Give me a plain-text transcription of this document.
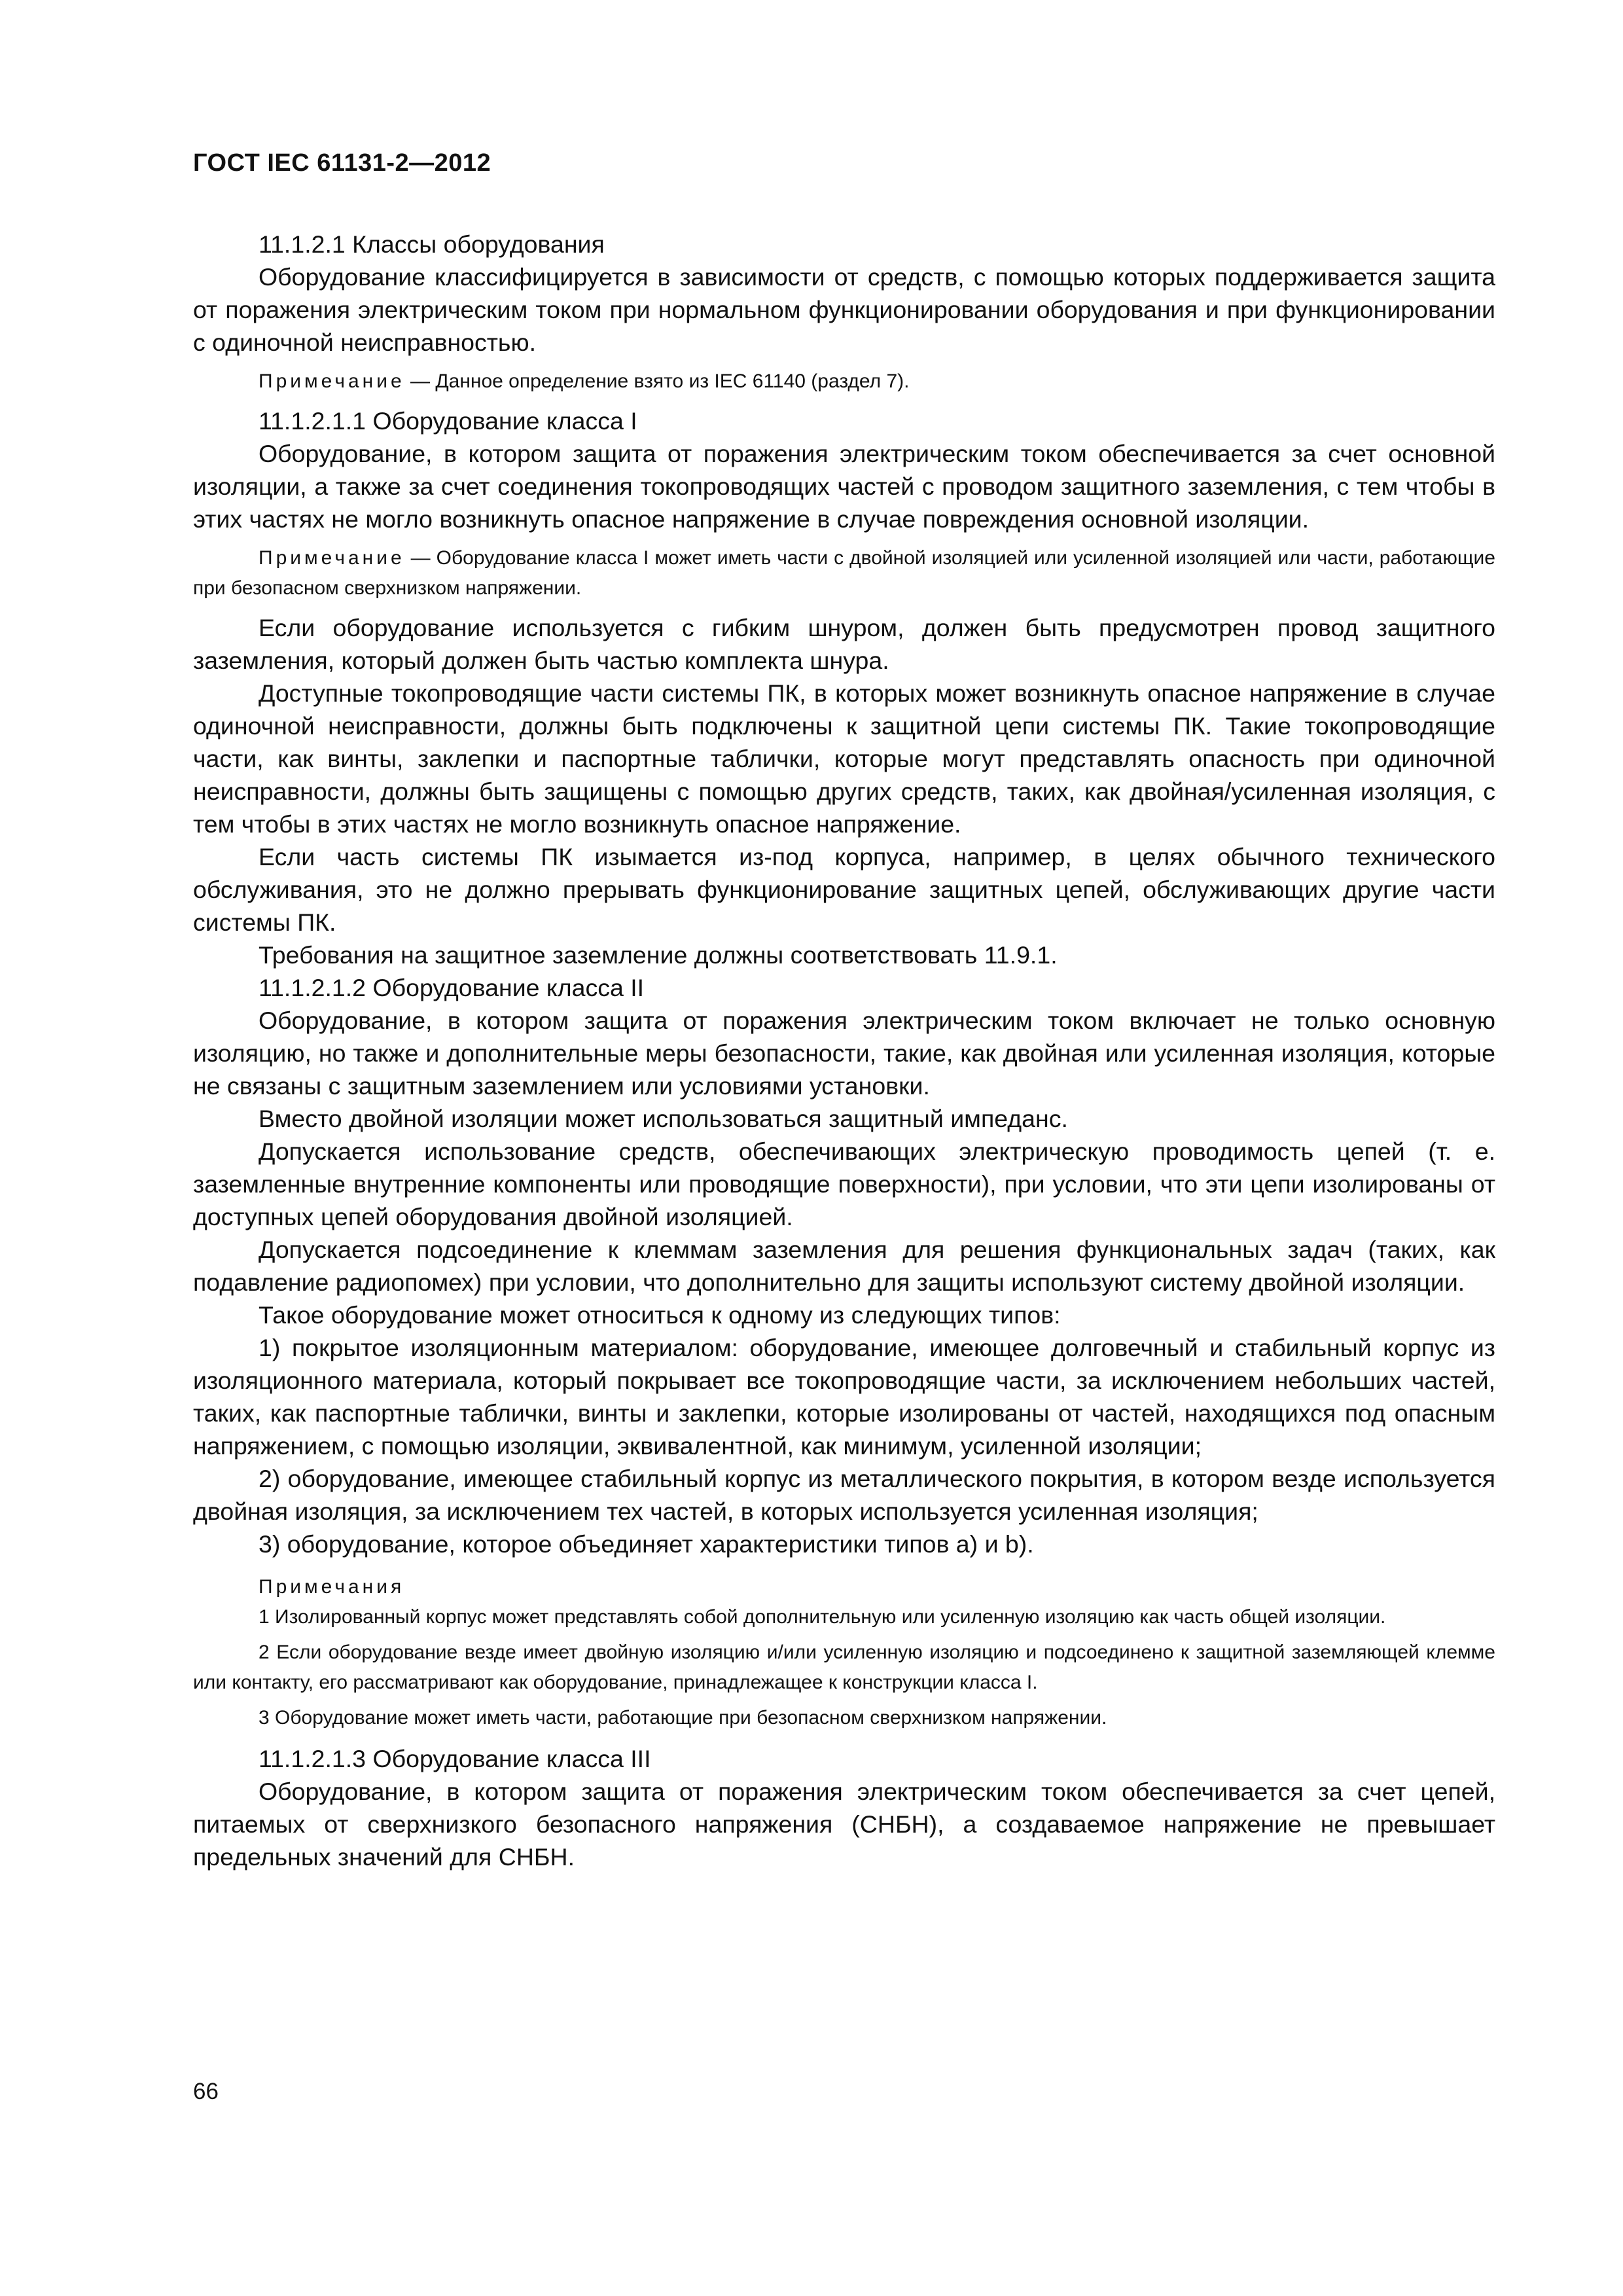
ГОСТ IEC 61131-2—2012

11.1.2.1 Классы оборудования

Оборудование классифицируется в зависимости от средств, с помощью которых поддерживается защита от поражения электрическим током при нормальном функционировании оборудования и при функционировании с одиночной неисправностью.

Примечание — Данное определение взято из IEC 61140 (раздел 7).

11.1.2.1.1 Оборудование класса I

Оборудование, в котором защита от поражения электрическим током обеспечивается за счет основной изоляции, а также за счет соединения токопроводящих частей с проводом защитного заземления, с тем чтобы в этих частях не могло возникнуть опасное напряжение в случае повреждения основной изоляции.

Примечание — Оборудование класса I может иметь части с двойной изоляцией или усиленной изоляцией или части, работающие при безопасном сверхнизком напряжении.

Если оборудование используется с гибким шнуром, должен быть предусмотрен провод защитного заземления, который должен быть частью комплекта шнура.

Доступные токопроводящие части системы ПК, в которых может возникнуть опасное напряжение в случае одиночной неисправности, должны быть подключены к защитной цепи системы ПК. Такие токопроводящие части, как винты, заклепки и паспортные таблички, которые могут представлять опасность при одиночной неисправности, должны быть защищены с помощью других средств, таких, как двойная/усиленная изоляция, с тем чтобы в этих частях не могло возникнуть опасное напряжение.

Если часть системы ПК изымается из-под корпуса, например, в целях обычного технического обслуживания, это не должно прерывать функционирование защитных цепей, обслуживающих другие части системы ПК.

Требования на защитное заземление должны соответствовать 11.9.1.

11.1.2.1.2 Оборудование класса II

Оборудование, в котором защита от поражения электрическим током включает не только основную изоляцию, но также и дополнительные меры безопасности, такие, как двойная или усиленная изоляция, которые не связаны с защитным заземлением или условиями установки.

Вместо двойной изоляции может использоваться защитный импеданс.

Допускается использование средств, обеспечивающих электрическую проводимость цепей (т. е. заземленные внутренние компоненты или проводящие поверхности), при условии, что эти цепи изолированы от доступных цепей оборудования двойной изоляцией.

Допускается подсоединение к клеммам заземления для решения функциональных задач (таких, как подавление радиопомех) при условии, что дополнительно для защиты используют систему двойной изоляции.

Такое оборудование может относиться к одному из следующих типов:

1) покрытое изоляционным материалом: оборудование, имеющее долговечный и стабильный корпус из изоляционного материала, который покрывает все токопроводящие части, за исключением небольших частей, таких, как паспортные таблички, винты и заклепки, которые изолированы от частей, находящихся под опасным напряжением, с помощью изоляции, эквивалентной, как минимум, усиленной изоляции;

2) оборудование, имеющее стабильный корпус из металлического покрытия, в котором везде используется двойная изоляция, за исключением тех частей, в которых используется усиленная изоляция;

3) оборудование, которое объединяет характеристики типов a) и b).

Примечания

1 Изолированный корпус может представлять собой дополнительную или усиленную изоляцию как часть общей изоляции.

2 Если оборудование везде имеет двойную изоляцию и/или усиленную изоляцию и подсоединено к защитной заземляющей клемме или контакту, его рассматривают как оборудование, принадлежащее к конструкции класса I.

3 Оборудование может иметь части, работающие при безопасном сверхнизком напряжении.

11.1.2.1.3 Оборудование класса III

Оборудование, в котором защита от поражения электрическим током обеспечивается за счет цепей, питаемых от сверхнизкого безопасного напряжения (СНБН), а создаваемое напряжение не превышает предельных значений для СНБН.

66
